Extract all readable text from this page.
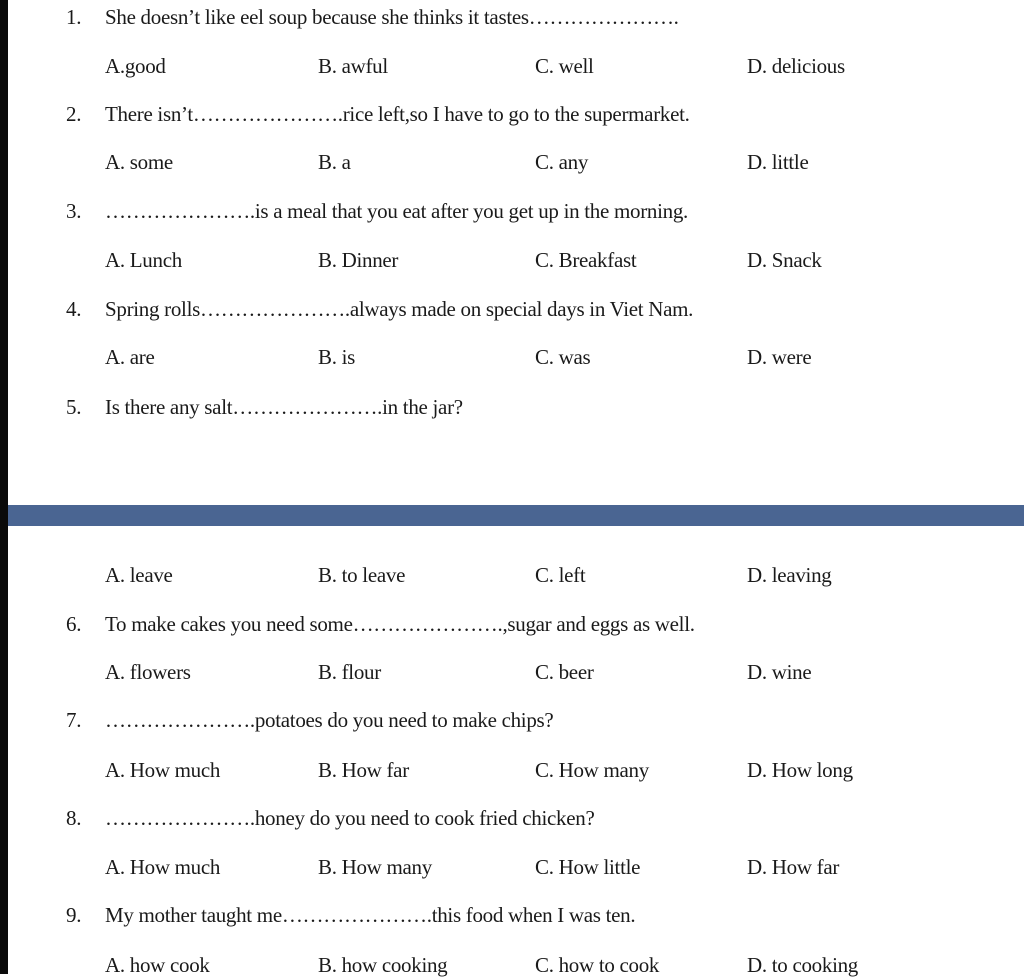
1. She doesn’t like eel soup because she thinks it tastes………………….
A.good	B. awful	C. well	D. delicious
2. There isn’t………………….rice left,so I have to go to the supermarket.
A. some	B. a	C. any	D. little
3. ………………….is a meal that you eat after you get up in the morning.
A. Lunch	B. Dinner	C. Breakfast	D. Snack
4. Spring rolls………………….always made on special days in Viet Nam.
A. are	B. is	C. was	D. were
5. Is there any salt………………….in the jar?
A. leave	B. to leave	C. left	D. leaving
6. To make cakes you need some………………….,sugar and eggs as well.
A. flowers	B. flour	C. beer	D. wine
7. ………………….potatoes do you need to make chips?
A. How much	B. How far	C. How many	D. How long
8. ………………….honey do you need to cook fried chicken?
A. How much	B. How many	C. How little	D. How far
9. My mother taught me………………….this food when I was ten.
A. how cook	B. how cooking	C. how to cook	D. to cooking
